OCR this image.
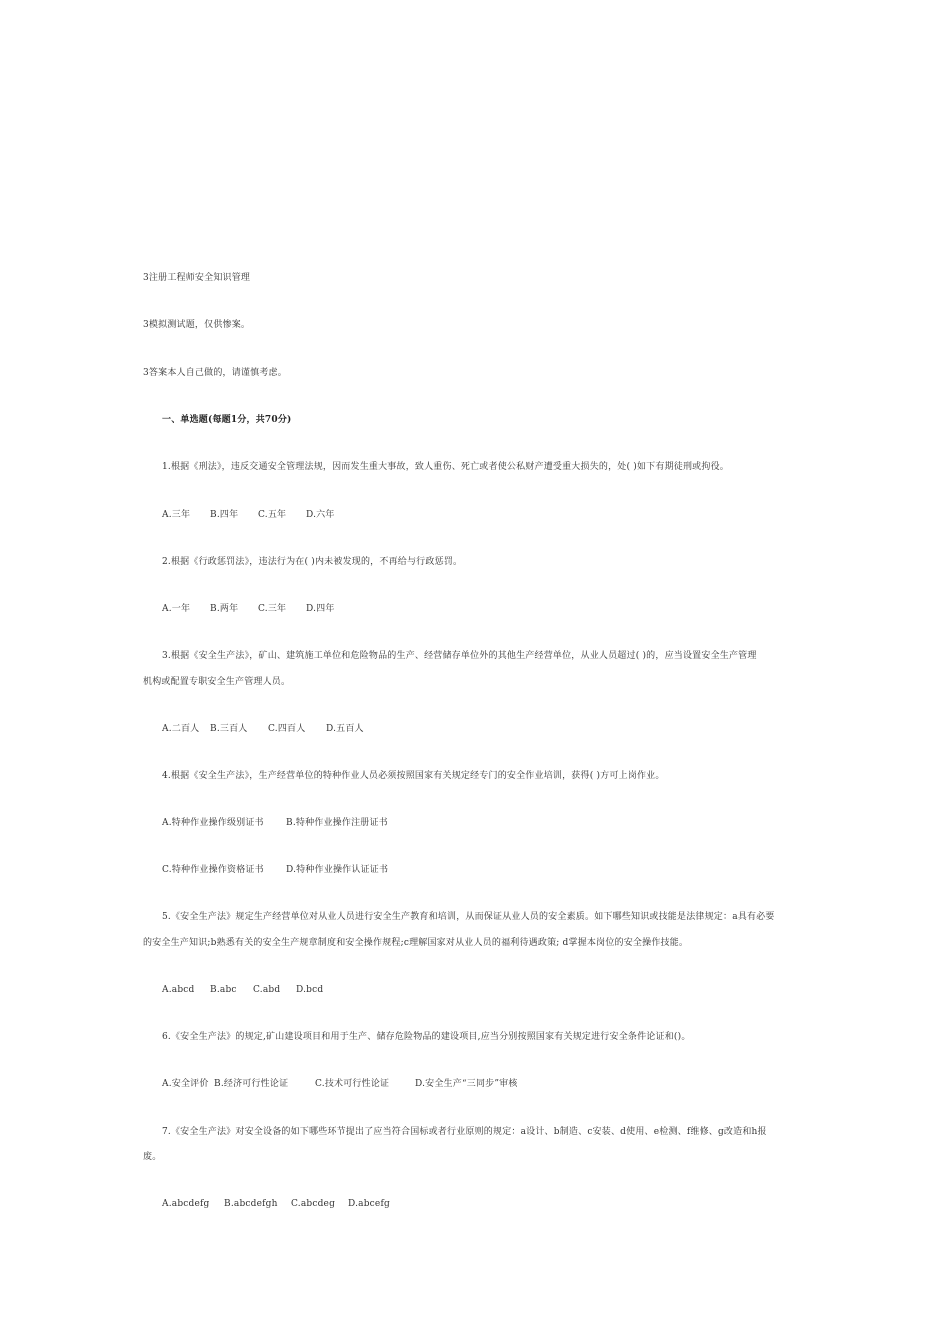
3注册工程师安全知识管理
3模拟测试题，仅供惨案。
3答案本人自己做的，请谨慎考虑。
一、单选题(每题1分，共70分)
1.根据《刑法》，违反交通安全管理法规，因而发生重大事故，致人重伤、死亡或者使公私财产遭受重大损失的，处( )如下有期徒刑或拘役。
A.三年 B.四年 C.五年 D.六年
2.根据《行政惩罚法》，违法行为在( )内未被发现的，不再给与行政惩罚。
A.一年 B.两年 C.三年 D.四年
3.根据《安全生产法》，矿山、建筑施工单位和危险物品的生产、经营储存单位外的其他生产经营单位，从业人员超过( )的，应当设置安全生产管理
机构或配置专职安全生产管理人员。
A.二百人 B.三百人 C.四百人 D.五百人
4.根据《安全生产法》，生产经营单位的特种作业人员必须按照国家有关规定经专门的安全作业培训，获得( )方可上岗作业。
A.特种作业操作级别证书 B.特种作业操作注册证书
C.特种作业操作资格证书 D.特种作业操作认证证书
5.《安全生产法》规定生产经营单位对从业人员进行安全生产教育和培训，从而保证从业人员的安全素质。如下哪些知识或技能是法律规定：a具有必要
的安全生产知识;b熟悉有关的安全生产规章制度和安全操作规程;c理解国家对从业人员的福利待遇政策; d掌握本岗位的安全操作技能。
A.abcd B.abc C.abd D.bcd
6.《安全生产法》的规定,矿山建设项目和用于生产、储存危险物品的建设项目,应当分别按照国家有关规定进行安全条件论证和()。
A.安全评价 B.经济可行性论证	C.技术可行性论证	D.安全生产“三同步”审核
7.《安全生产法》对安全设备的如下哪些环节提出了应当符合国标或者行业原则的规定：a设计、b制造、c安装、d使用、e检测、f维修、g改造和h报
废。
A.abcdefg B.abcdefgh C.abcdeg D.abcefg
